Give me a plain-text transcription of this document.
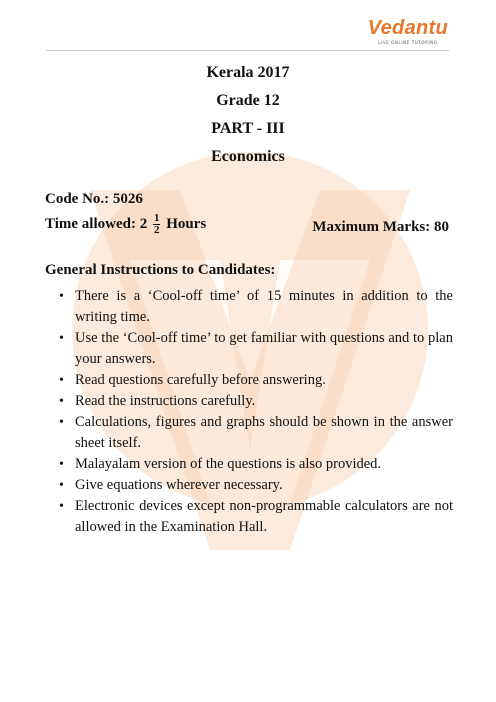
Vedantu
LIVE ONLINE TUTORING
Kerala 2017
Grade 12
PART - III
Economics
Code No.: 5026
Time allowed: $2 \frac{1}{2}$ Hours	Maximum Marks: 80
General Instructions to Candidates:
• There is a ‘Cool-off time’ of 15 minutes in addition to the writing time.
• Use the ‘Cool-off time’ to get familiar with questions and to plan your answers.
• Read questions carefully before answering.
• Read the instructions carefully.
• Calculations, figures and graphs should be shown in the answer sheet itself.
• Malayalam version of the questions is also provided.
• Give equations wherever necessary.
• Electronic devices except non-programmable calculators are not allowed in the Examination Hall.
